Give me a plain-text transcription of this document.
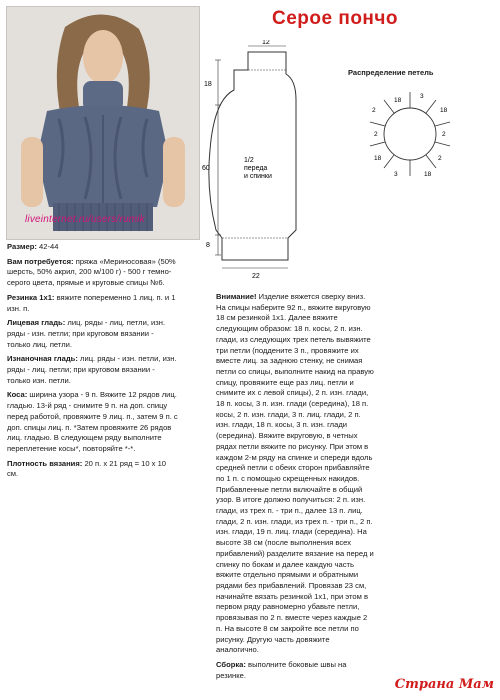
liveinternet.ru/users/rumik
Серое пончо
12
18
60
8
22
1/2
переда
и спинки
Распределение петель
18
3
18
2
2
18
3
18
2
2

Размер: 42-44

Вам потребуется: пряжа «Мериносовая» (50% шерсть, 50% акрил, 200 м/100 г) - 500 г темно-серого цвета, прямые и круговые спицы №6.

Резинка 1x1: вяжите попеременно 1 лиц. п. и 1 изн. п.

Лицевая гладь: лиц. ряды - лиц. петли, изн. ряды - изн. петли; при круговом вязании - только лиц. петли.

Изнаночная гладь: лиц. ряды - изн. петли, изн. ряды - лиц. петли; при круговом вязании - только изн. петли.

Коса: ширина узора - 9 п. Вяжите 12 рядов лиц. гладью. 13-й ряд - снимите 9 п. на доп. спицу перед работой, провяжите 9 лиц. п., затем 9 п. с доп. спицы лиц. п. *Затем провяжите 26 рядов лиц. гладью. В следующем ряду выполните переплетение косы*, повторяйте *-*.

Плотность вязания: 20 п. x 21 ряд = 10 x 10 см.

Внимание! Изделие вяжется сверху вниз. На спицы наберите 92 п., вяжите вкруговую 18 см резинкой 1x1. Далее вяжите следующим образом: 18 п. косы, 2 п. изн. глади, из следующих трех петель вывяжите три петли (поддените 3 п., провяжите их вместе лиц. за заднюю стенку, не снимая петли со спицы, выполните накид на правую спицу, провяжите еще раз лиц. петли и снимите их с левой спицы), 2 п. изн. глади, 18 п. косы, 3 п. изн. глади (середина), 18 п. косы, 2 п. изн. глади, 3 п. лиц. глади, 2 п. изн. глади, 18 п. косы, 3 п. изн. глади (середина). Вяжите вкруговую, в четных рядах петли вяжите по рисунку. При этом в каждом 2-м ряду на спинке и спереди вдоль средней петли с обеих сторон прибавляйте по 1 п. с помощью скрещенных накидов. Прибавленные петли включайте в общий узор. В итоге должно получиться: 2 п. изн. глади, из трех п. - три п., далее 13 п. лиц. глади, 2 п. изн. глади, из трех п. - три п., 2 п. изн. глади, 19 п. лиц. глади (середина). На высоте 38 см (после выполнения всех прибавлений) разделите вязание на перед и спинку по бокам и далее каждую часть вяжите отдельно прямыми и обратными рядами без прибавлений. Провязав 23 см, начинайте вязать резинкой 1x1, при этом в первом ряду равномерно убавьте петли, провязывая по 2 п. вместе через каждые 2 п. На высоте 8 см закройте все петли по рисунку. Другую часть довяжите аналогично.

Сборка: выполните боковые швы на резинке.

Страна Мам
